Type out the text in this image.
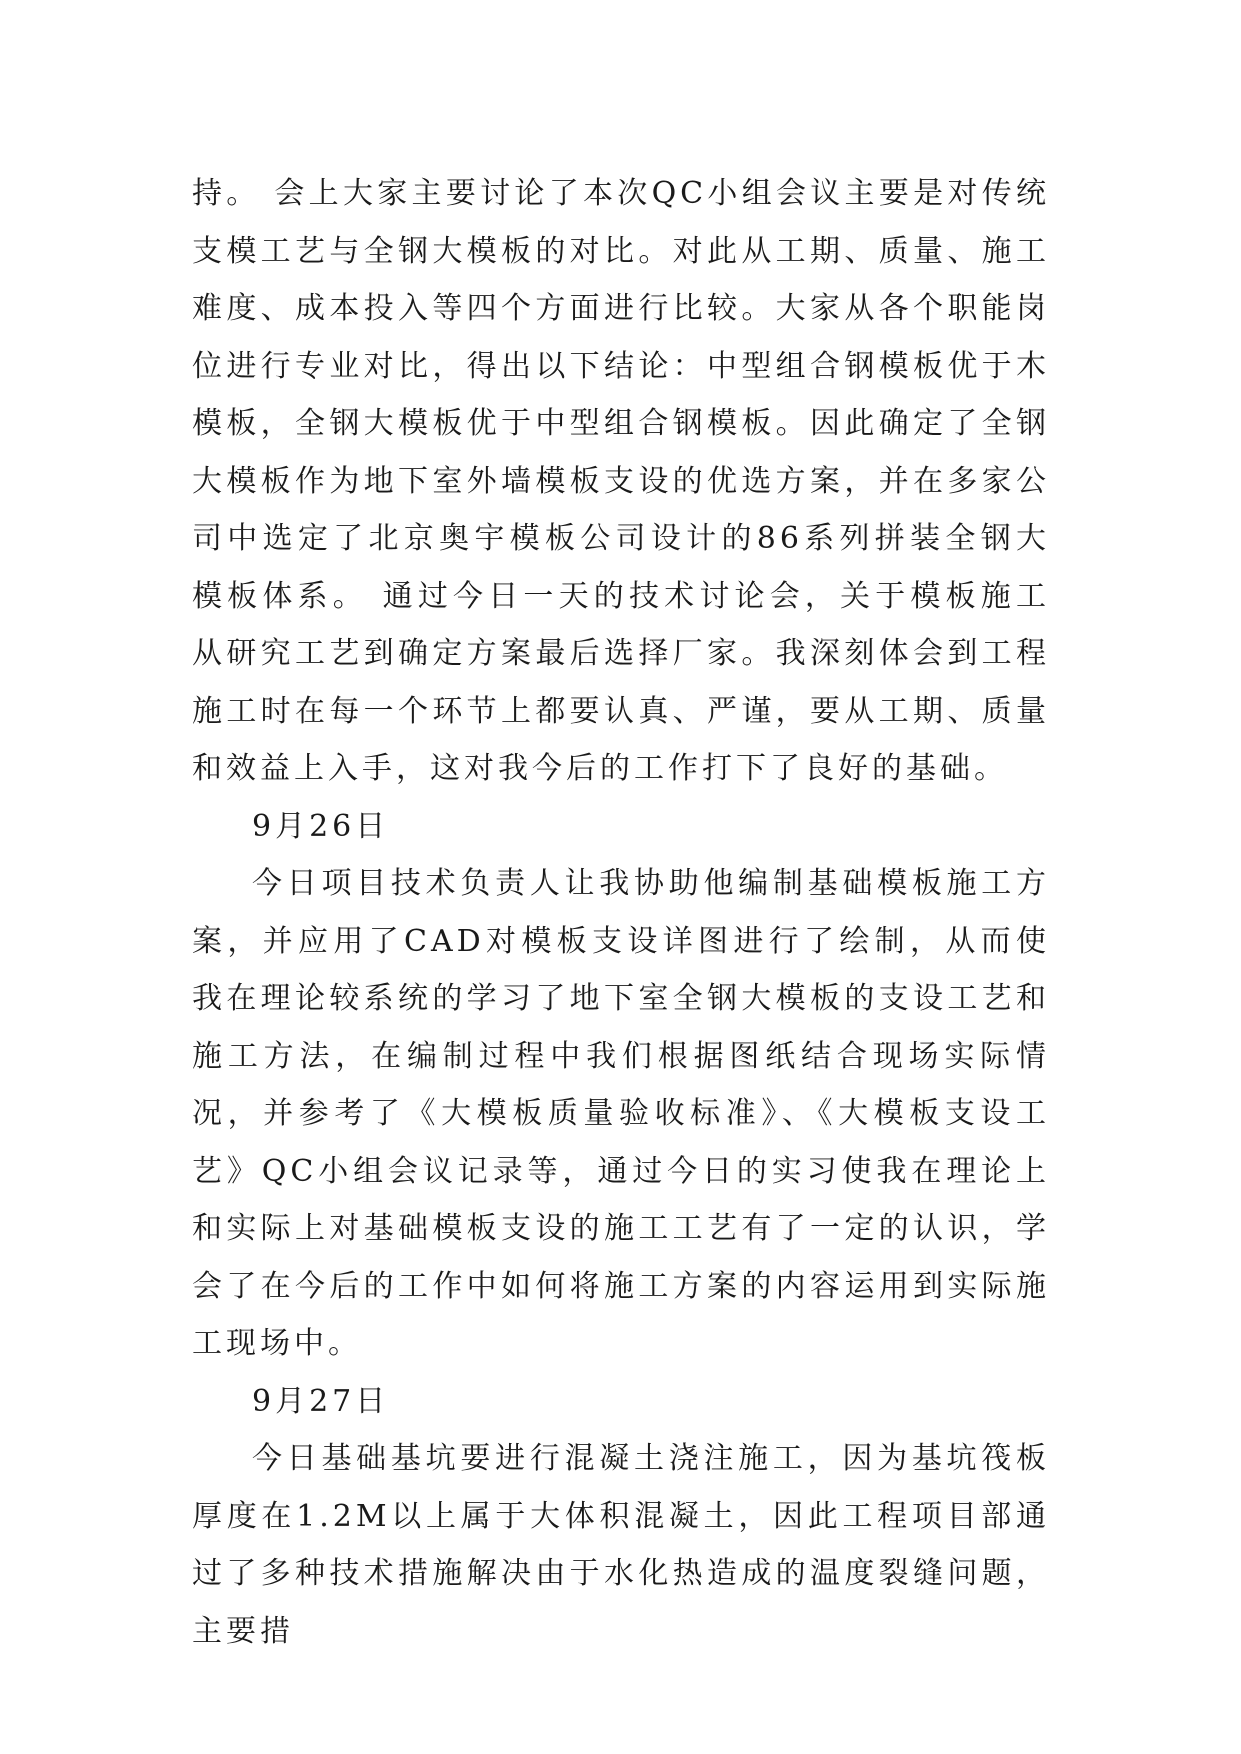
持。 会上大家主要讨论了本次QC小组会议主要是对传统支模工艺与全钢大模板的对比。对此从工期、质量、施工难度、成本投入等四个方面进行比较。大家从各个职能岗位进行专业对比，得出以下结论：中型组合钢模板优于木模板，全钢大模板优于中型组合钢模板。因此确定了全钢大模板作为地下室外墙模板支设的优选方案，并在多家公司中选定了北京奥宇模板公司设计的86系列拼装全钢大模板体系。 通过今日一天的技术讨论会，关于模板施工从研究工艺到确定方案最后选择厂家。我深刻体会到工程施工时在每一个环节上都要认真、严谨，要从工期、质量和效益上入手，这对我今后的工作打下了良好的基础。

9月26日

今日项目技术负责人让我协助他编制基础模板施工方案，并应用了CAD对模板支设详图进行了绘制，从而使我在理论较系统的学习了地下室全钢大模板的支设工艺和施工方法，在编制过程中我们根据图纸结合现场实际情况，并参考了《大模板质量验收标准》、《大模板支设工艺》QC小组会议记录等，通过今日的实习使我在理论上和实际上对基础模板支设的施工工艺有了一定的认识，学会了在今后的工作中如何将施工方案的内容运用到实际施工现场中。

9月27日

今日基础基坑要进行混凝土浇注施工，因为基坑筏板厚度在1.2M以上属于大体积混凝土，因此工程项目部通过了多种技术措施解决由于水化热造成的温度裂缝问题，主要措
